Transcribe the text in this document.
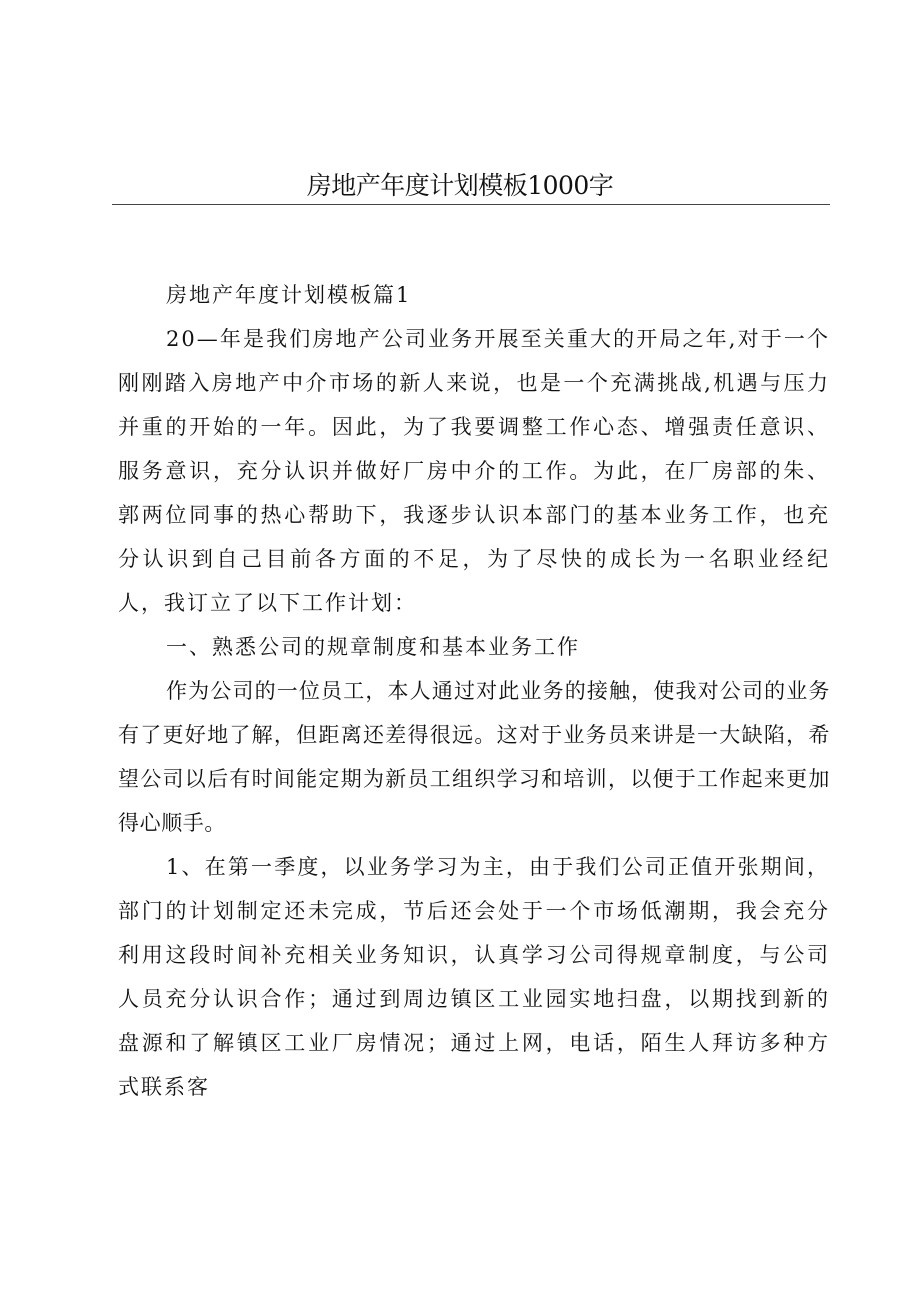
房地产年度计划模板1000字

房地产年度计划模板篇1

20—年是我们房地产公司业务开展至关重大的开局之年,对于一个刚刚踏入房地产中介市场的新人来说，也是一个充满挑战,机遇与压力并重的开始的一年。因此，为了我要调整工作心态、增强责任意识、服务意识，充分认识并做好厂房中介的工作。为此，在厂房部的朱、郭两位同事的热心帮助下，我逐步认识本部门的基本业务工作，也充分认识到自己目前各方面的不足，为了尽快的成长为一名职业经纪人，我订立了以下工作计划：

一、熟悉公司的规章制度和基本业务工作

作为公司的一位员工，本人通过对此业务的接触，使我对公司的业务有了更好地了解，但距离还差得很远。这对于业务员来讲是一大缺陷，希望公司以后有时间能定期为新员工组织学习和培训，以便于工作起来更加得心顺手。

1、在第一季度，以业务学习为主，由于我们公司正值开张期间，部门的计划制定还未完成，节后还会处于一个市场低潮期，我会充分利用这段时间补充相关业务知识，认真学习公司得规章制度，与公司人员充分认识合作；通过到周边镇区工业园实地扫盘，以期找到新的盘源和了解镇区工业厂房情况；通过上网，电话，陌生人拜访多种方式联系客
